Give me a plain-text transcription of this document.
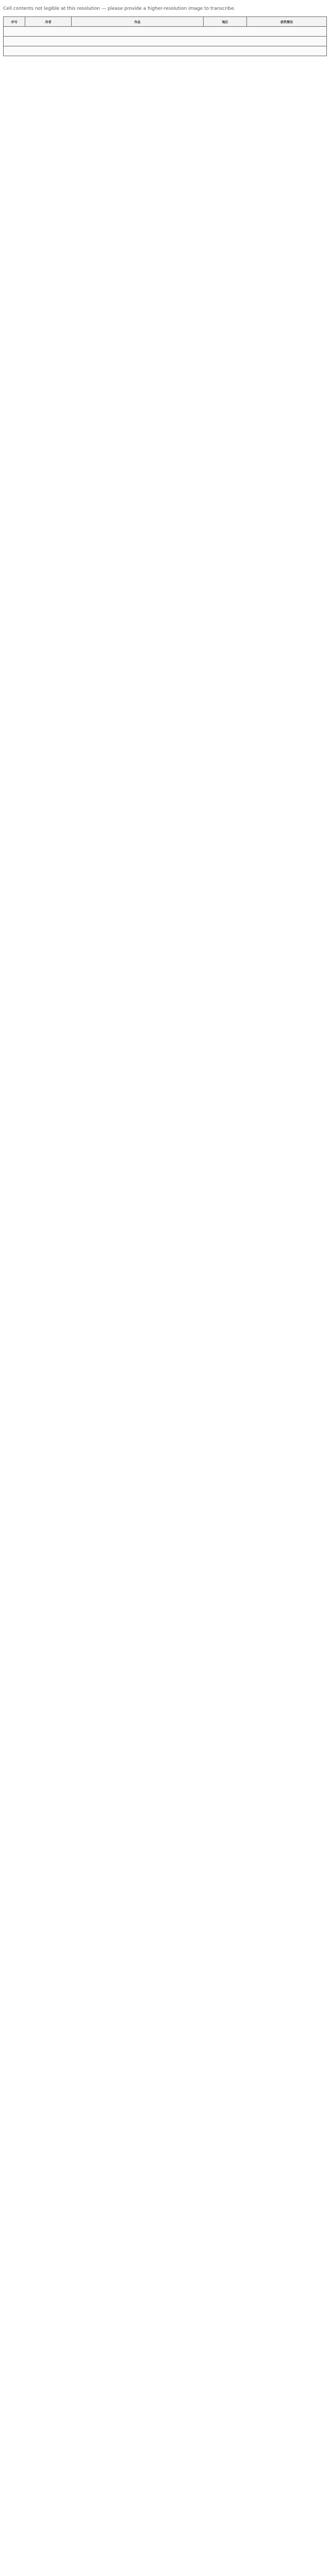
Cell contents not legible at this resolution — please provide a higher-resolution image to transcribe.
序号	作者	作品	地区	获奖情况
